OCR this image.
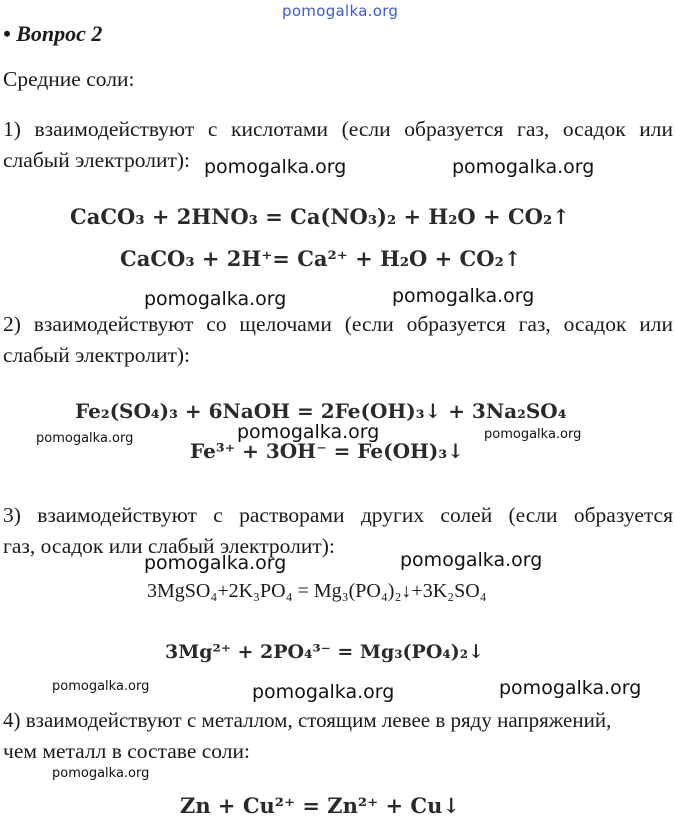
pomogalka.org
• Вопрос 2
Средние соли:
1) взаимодействуют с кислотами (если образуется газ, осадок или
слабый электролит):
CaCO₃ + 2HNO₃ = Ca(NO₃)₂ + H₂O + CO₂↑
CaCO₃ + 2H⁺= Ca²⁺ + H₂O + CO₂↑
2) взаимодействуют со щелочами (если образуется газ, осадок или
слабый электролит):
Fe₂(SO₄)₃ + 6NaOH = 2Fe(OH)₃↓ + 3Na₂SO₄
Fe³⁺ + 3OH⁻ = Fe(OH)₃↓
3) взаимодействуют с растворами других солей (если образуется
газ, осадок или слабый электролит):
3MgSO₄+2K₃PO₄ = Mg₃(PO₄)₂↓+3K₂SO₄
3Mg²⁺ + 2PO₄³⁻ = Mg₃(PO₄)₂↓
4) взаимодействуют с металлом, стоящим левее в ряду напряжений,
чем металл в составе соли:
Zn + Cu²⁺ = Zn²⁺ + Cu↓
pomogalka.org	pomogalka.org
pomogalka.org	pomogalka.org
pomogalka.org	pomogalka.org	pomogalka.org
pomogalka.org	pomogalka.org
pomogalka.org	pomogalka.org	pomogalka.org
pomogalka.org
